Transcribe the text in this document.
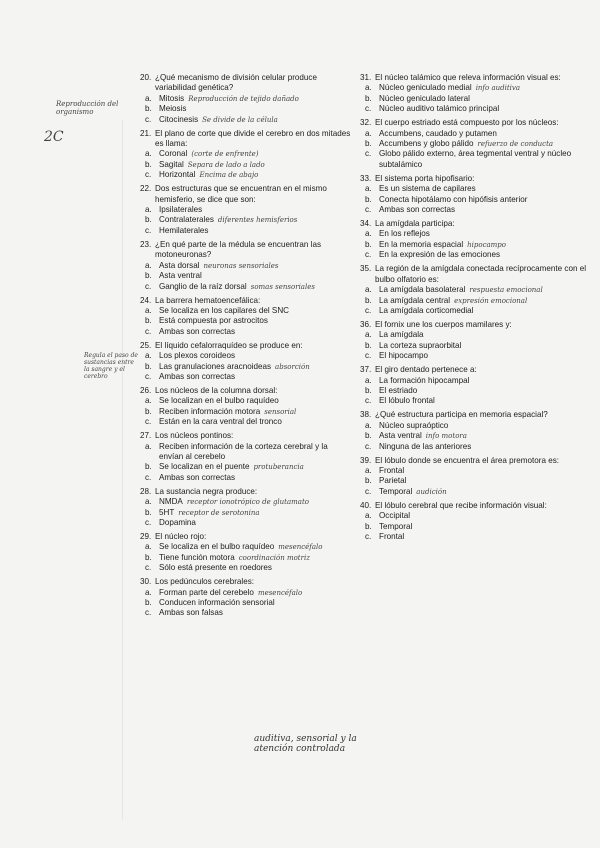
20. ¿Qué mecanismo de división celular produce variabilidad genética?
a. Mitosis Reproducción de tejido dañado
b. Meiosis
c. Citocinesis Se divide de la célula
21. El plano de corte que divide el cerebro en dos mitades es llama:
a. Coronal (corte de enfrente)
b. Sagital Separa de lado a lado
c. Horizontal Encima de abajo
22. Dos estructuras que se encuentran en el mismo hemisferio, se dice que son:
a. Ipsilaterales
b. Contralaterales diferentes hemisferios
c. Hemilaterales
23. ¿En qué parte de la médula se encuentran las motoneuronas?
a. Asta dorsal neuronas sensoriales
b. Asta ventral
c. Ganglio de la raíz dorsal somas sensoriales
24. La barrera hematoencefálica:
a. Se localiza en los capilares del SNC
b. Está compuesta por astrocitos
c. Ambas son correctas
25. El líquido cefalorraquídeo se produce en:
a. Los plexos coroideos
b. Las granulaciones aracnoideas absorción
c. Ambas son correctas
26. Los núcleos de la columna dorsal:
a. Se localizan en el bulbo raquídeo
b. Reciben información motora sensorial
c. Están en la cara ventral del tronco
27. Los núcleos pontinos:
a. Reciben información de la corteza cerebral y la envían al cerebelo
b. Se localizan en el puente protuberancia
c. Ambas son correctas
28. La sustancia negra produce:
a. NMDA receptor ionotrópico de glutamato
b. 5HT receptor de serotonina
c. Dopamina
29. El núcleo rojo:
a. Se localiza en el bulbo raquídeo mesencéfalo
b. Tiene función motora coordinación motriz
c. Sólo está presente en roedores
30. Los pedúnculos cerebrales:
a. Forman parte del cerebelo mesencéfalo
b. Conducen información sensorial
c. Ambas son falsas
31. El núcleo talámico que releva información visual es:
a. Núcleo geniculado medial info auditiva
b. Núcleo geniculado lateral
c. Núcleo auditivo talámico principal
32. El cuerpo estriado está compuesto por los núcleos:
a. Accumbens, caudado y putamen
b. Accumbens y globo pálido refuerzo de conducta
c. Globo pálido externo, área tegmental ventral y núcleo subtalámico
33. El sistema porta hipofisario:
a. Es un sistema de capilares
b. Conecta hipotálamo con hipófisis anterior
c. Ambas son correctas
34. La amígdala participa:
a. En los reflejos
b. En la memoria espacial hipocampo
c. En la expresión de las emociones
35. La región de la amígdala conectada recíprocamente con el bulbo olfatorio es:
a. La amígdala basolateral respuesta emocional
b. La amígdala central expresión emocional
c. La amígdala corticomedial
36. El fornix une los cuerpos mamilares y:
a. La amígdala
b. La corteza supraorbital
c. El hipocampo
37. El giro dentado pertenece a:
a. La formación hipocampal
b. El estriado
c. El lóbulo frontal
38. ¿Qué estructura participa en memoria espacial?
a. Núcleo supraóptico
b. Asta ventral info motora
c. Ninguna de las anteriores
39. El lóbulo donde se encuentra el área premotora es:
a. Frontal
b. Parietal
c. Temporal audición
40. El lóbulo cerebral que recibe información visual:
a. Occipital
b. Temporal
c. Frontal
Reproducción del organismo
2C
Regula el paso de sustancias entre la sangre y el cerebro
auditiva, sensorial y la atención controlada
